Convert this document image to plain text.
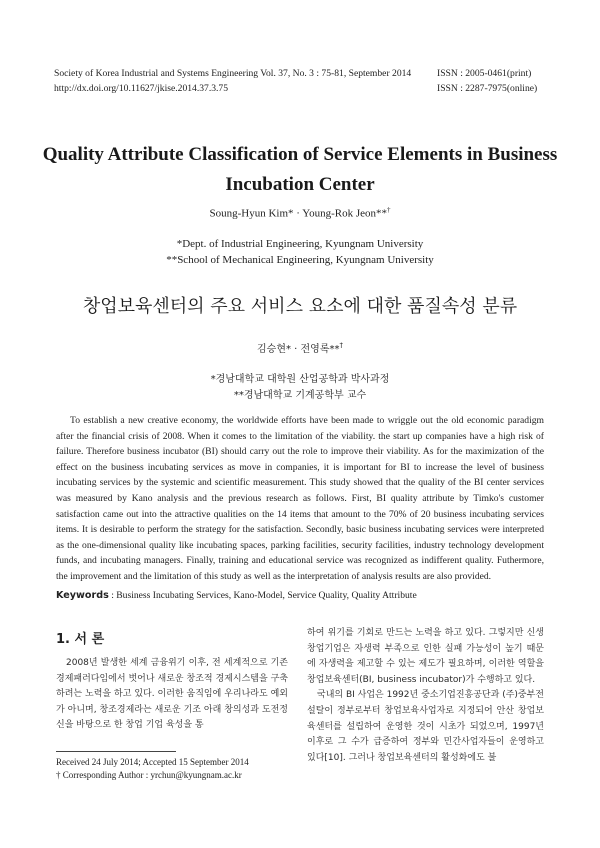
Society of Korea Industrial and Systems Engineering Vol. 37, No. 3 : 75-81, September 2014
http://dx.doi.org/10.11627/jkise.2014.37.3.75
ISSN : 2005-0461(print)
ISSN : 2287-7975(online)
Quality Attribute Classification of Service Elements in Business Incubation Center
Soung-Hyun Kim* · Young-Rok Jeon**†
*Dept. of Industrial Engineering, Kyungnam University
**School of Mechanical Engineering, Kyungnam University
창업보육센터의 주요 서비스 요소에 대한 품질속성 분류
김승현* · 전영록**†
*경남대학교 대학원 산업공학과 박사과정
**경남대학교 기계공학부 교수

To establish a new creative economy, the worldwide efforts have been made to wriggle out the old economic paradigm after the financial crisis of 2008. When it comes to the limitation of the viability. the start up companies have a high risk of failure. Therefore business incubator (BI) should carry out the role to improve their viability. As for the maximization of the effect on the business incubating services as move in companies, it is important for BI to increase the level of business incubating services by the systemic and scientific measurement. This study showed that the quality of the BI center services was measured by Kano analysis and the previous research as follows. First, BI quality attribute by Timko's customer satisfaction came out into the attractive qualities on the 14 items that amount to the 70% of 20 business incubating services items. It is desirable to perform the strategy for the satisfaction. Secondly, basic business incubating services were interpreted as the one-dimensional quality like incubating spaces, parking facilities, security facilities, industry technology development funds, and incubating managers. Finally, training and educational service was recognized as indifferent quality. Futhermore, the improvement and the limitation of this study as well as the interpretation of analysis results are also provided.

Keywords : Business Incubating Services, Kano-Model, Service Quality, Quality Attribute
1. 서 론

2008년 발생한 세계 금융위기 이후, 전 세계적으로 기존 경제패러다임에서 벗어나 새로운 창조적 경제시스템을 구축하려는 노력을 하고 있다. 이러한 움직임에 우리나라도 예외가 아니며, 창조경제라는 새로운 기조 아래 창의성과 도전정신을 바탕으로 한 창업 기업 육성을 통

하여 위기를 기회로 만드는 노력을 하고 있다. 그렇지만 신생 창업기업은 자생력 부족으로 인한 실패 가능성이 높기 때문에 자생력을 제고할 수 있는 제도가 필요하며, 이러한 역할을 창업보육센터(BI, business incubator)가 수행하고 있다.

국내의 BI 사업은 1992년 중소기업진흥공단과 (주)중부전설탈이 정부로부터 창업보육사업자로 지정되어 안산 창업보육센터를 설립하여 운영한 것이 시초가 되었으며, 1997년 이후로 그 수가 급증하여 정부와 민간사업자들이 운영하고 있다[10]. 그러나 창업보육센터의 활성화에도 불

Received 24 July 2014; Accepted 15 September 2014
† Corresponding Author : yrchun@kyungnam.ac.kr
